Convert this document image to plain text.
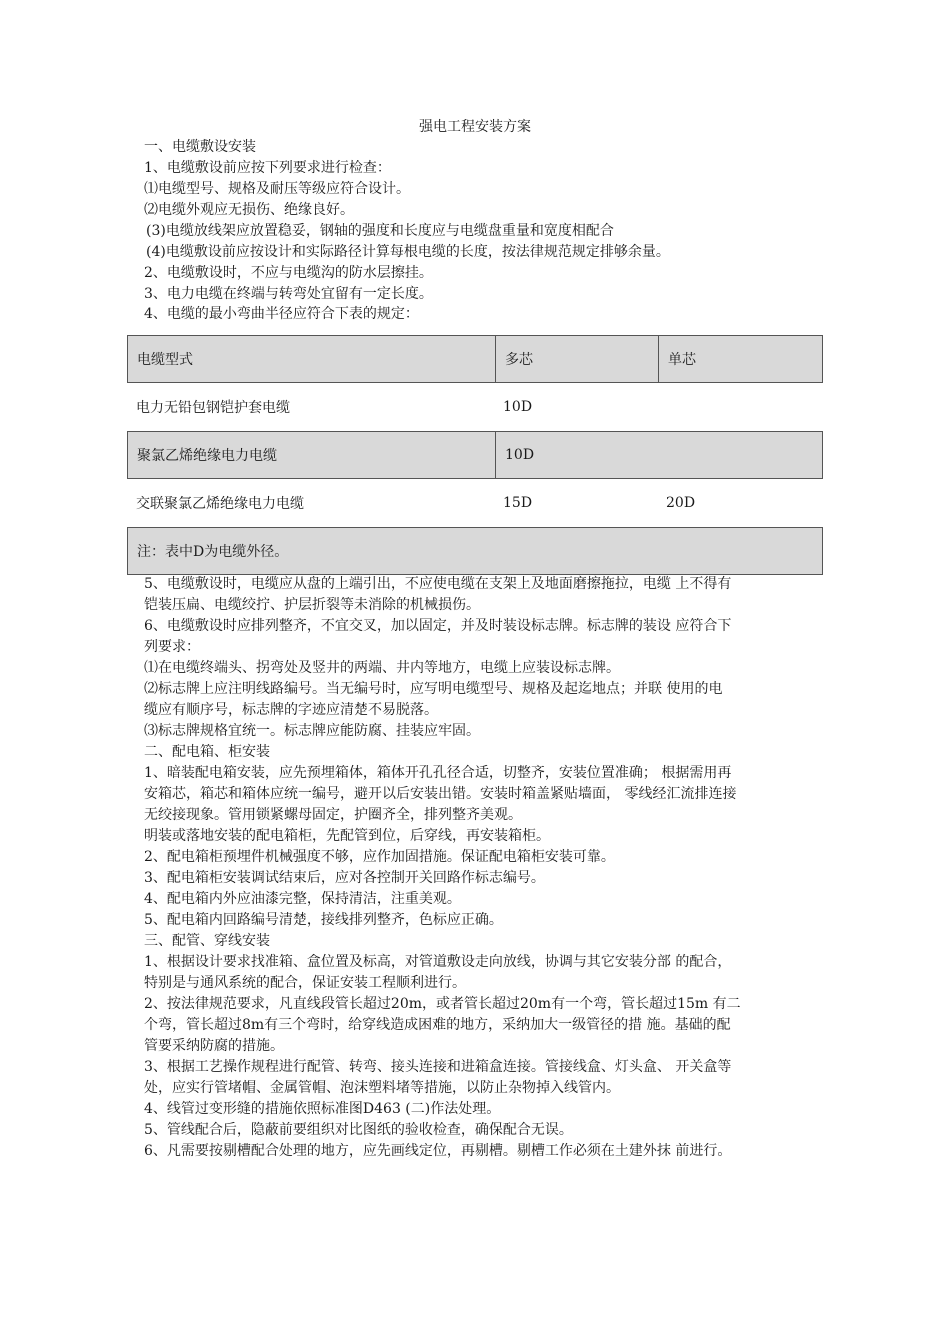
强电工程安装方案

一、电缆敷设安装

1、电缆敷设前应按下列要求进行检查：

⑴电缆型号、规格及耐压等级应符合设计。

⑵电缆外观应无损伤、绝缘良好。

(3)电缆放线架应放置稳妥，钢轴的强度和长度应与电缆盘重量和宽度相配合

(4)电缆敷设前应按设计和实际路径计算每根电缆的长度，按法律规范规定排够余量。

2、电缆敷设时，不应与电缆沟的防水层擦挂。

3、电力电缆在终端与转弯处宜留有一定长度。

4、电缆的最小弯曲半径应符合下表的规定：

电缆型式	多芯	单芯
电力无铅包钢铠护套电缆	10D
聚氯乙烯绝缘电力电缆	10D
交联聚氯乙烯绝缘电力电缆	15D	20D
注：表中D为电缆外径。

5、电缆敷设时，电缆应从盘的上端引出，不应使电缆在支架上及地面磨擦拖拉，电缆 上不得有

铠装压扁、电缆绞拧、护层折裂等未消除的机械损伤。

6、电缆敷设时应排列整齐，不宜交叉，加以固定，并及时装设标志牌。标志牌的装设 应符合下

列要求：

⑴在电缆终端头、拐弯处及竖井的两端、井内等地方，电缆上应装设标志牌。

⑵标志牌上应注明线路编号。当无编号时，应写明电缆型号、规格及起迄地点；并联 使用的电

缆应有顺序号，标志牌的字迹应清楚不易脱落。

⑶标志牌规格宜统一。标志牌应能防腐、挂装应牢固。

二、配电箱、柜安装

1、暗装配电箱安装，应先预埋箱体，箱体开孔孔径合适，切整齐，安装位置准确； 根据需用再

安箱芯，箱芯和箱体应统一编号，避开以后安装出错。安装时箱盖紧贴墙面， 零线经汇流排连接

无绞接现象。管用锁紧螺母固定，护圈齐全，排列整齐美观。

明装或落地安装的配电箱柜，先配管到位，后穿线，再安装箱柜。

2、配电箱柜预埋件机械强度不够，应作加固措施。保证配电箱柜安装可靠。

3、配电箱柜安装调试结束后，应对各控制开关回路作标志编号。

4、配电箱内外应油漆完整，保持清洁，注重美观。

5、配电箱内回路编号清楚，接线排列整齐，色标应正确。

三、配管、穿线安装

1、根据设计要求找准箱、盒位置及标高，对管道敷设走向放线，协调与其它安装分部 的配合，

特别是与通风系统的配合，保证安装工程顺利进行。

2、按法律规范要求，凡直线段管长超过20m，或者管长超过20m有一个弯，管长超过15m 有二

个弯，管长超过8m有三个弯时，给穿线造成困难的地方，采纳加大一级管径的措 施。基础的配

管要采纳防腐的措施。

3、根据工艺操作规程进行配管、转弯、接头连接和进箱盒连接。管接线盒、灯头盒、 开关盒等

处，应实行管堵帽、金属管帽、泡沫塑料堵等措施，以防止杂物掉入线管内。

4、线管过变形缝的措施依照标准图D463 (二)作法处理。

5、管线配合后，隐蔽前要组织对比图纸的验收检查，确保配合无误。

6、凡需要按剔槽配合处理的地方，应先画线定位，再剔槽。剔槽工作必须在土建外抹 前进行。
